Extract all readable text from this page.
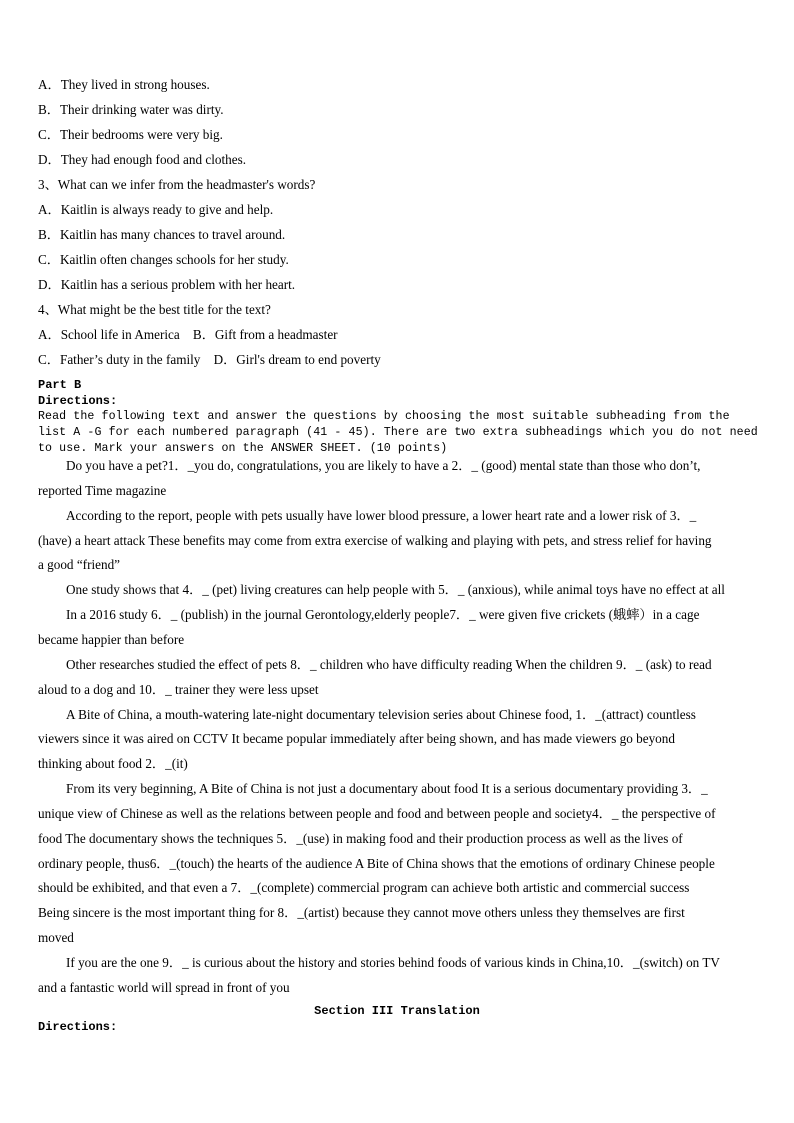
A．They lived in strong houses.
B．Their drinking water was dirty.
C．Their bedrooms were very big.
D．They had enough food and clothes.
3、What can we infer from the headmaster's words?
A．Kaitlin is always ready to give and help.
B．Kaitlin has many chances to travel around.
C．Kaitlin often changes schools for her study.
D．Kaitlin has a serious problem with her heart.
4、What might be the best title for the text?
A．School life in America　B．Gift from a headmaster
C．Father’s duty in the family　D．Girl's dream to end poverty
Part B
Directions:
Read the following text and answer the questions by choosing the most suitable subheading from the
list A -G for each numbered paragraph (41 - 45). There are two extra subheadings which you do not need
to use. Mark your answers on the ANSWER SHEET. (10 points)
Do you have a pet?1．_you do, congratulations, you are likely to have a 2．_ (good) mental state than those who don’t,
reported Time magazine
According to the report, people with pets usually have lower blood pressure, a lower heart rate and a lower risk of 3．_
(have) a heart attack These benefits may come from extra exercise of walking and playing with pets, and stress relief for having
a good “friend”
One study shows that 4．_ (pet) living creatures can help people with 5．_ (anxious), while animal toys have no effect at all
In a 2016 study 6．_ (publish) in the journal Gerontology,elderly people7．_ were given five crickets (蛾蟀）in a cage
became happier than before
Other researches studied the effect of pets 8．_ children who have difficulty reading When the children 9．_ (ask) to read
aloud to a dog and 10．_ trainer they were less upset
A Bite of China, a mouth-watering late-night documentary television series about Chinese food, 1．_(attract) countless
viewers since it was aired on CCTV It became popular immediately after being shown, and has made viewers go beyond
thinking about food 2．_(it)
From its very beginning, A Bite of China is not just a documentary about food It is a serious documentary providing 3．_
unique view of Chinese as well as the relations between people and food and between people and society4．_ the perspective of
food The documentary shows the techniques 5．_(use) in making food and their production process as well as the lives of
ordinary people, thus6．_(touch) the hearts of the audience A Bite of China shows that the emotions of ordinary Chinese people
should be exhibited, and that even a 7．_(complete) commercial program can achieve both artistic and commercial success
Being sincere is the most important thing for 8．_(artist) because they cannot move others unless they themselves are first
moved
If you are the one 9．_ is curious about the history and stories behind foods of various kinds in China,10．_(switch) on TV
and a fantastic world will spread in front of you
Section III Translation
Directions:
